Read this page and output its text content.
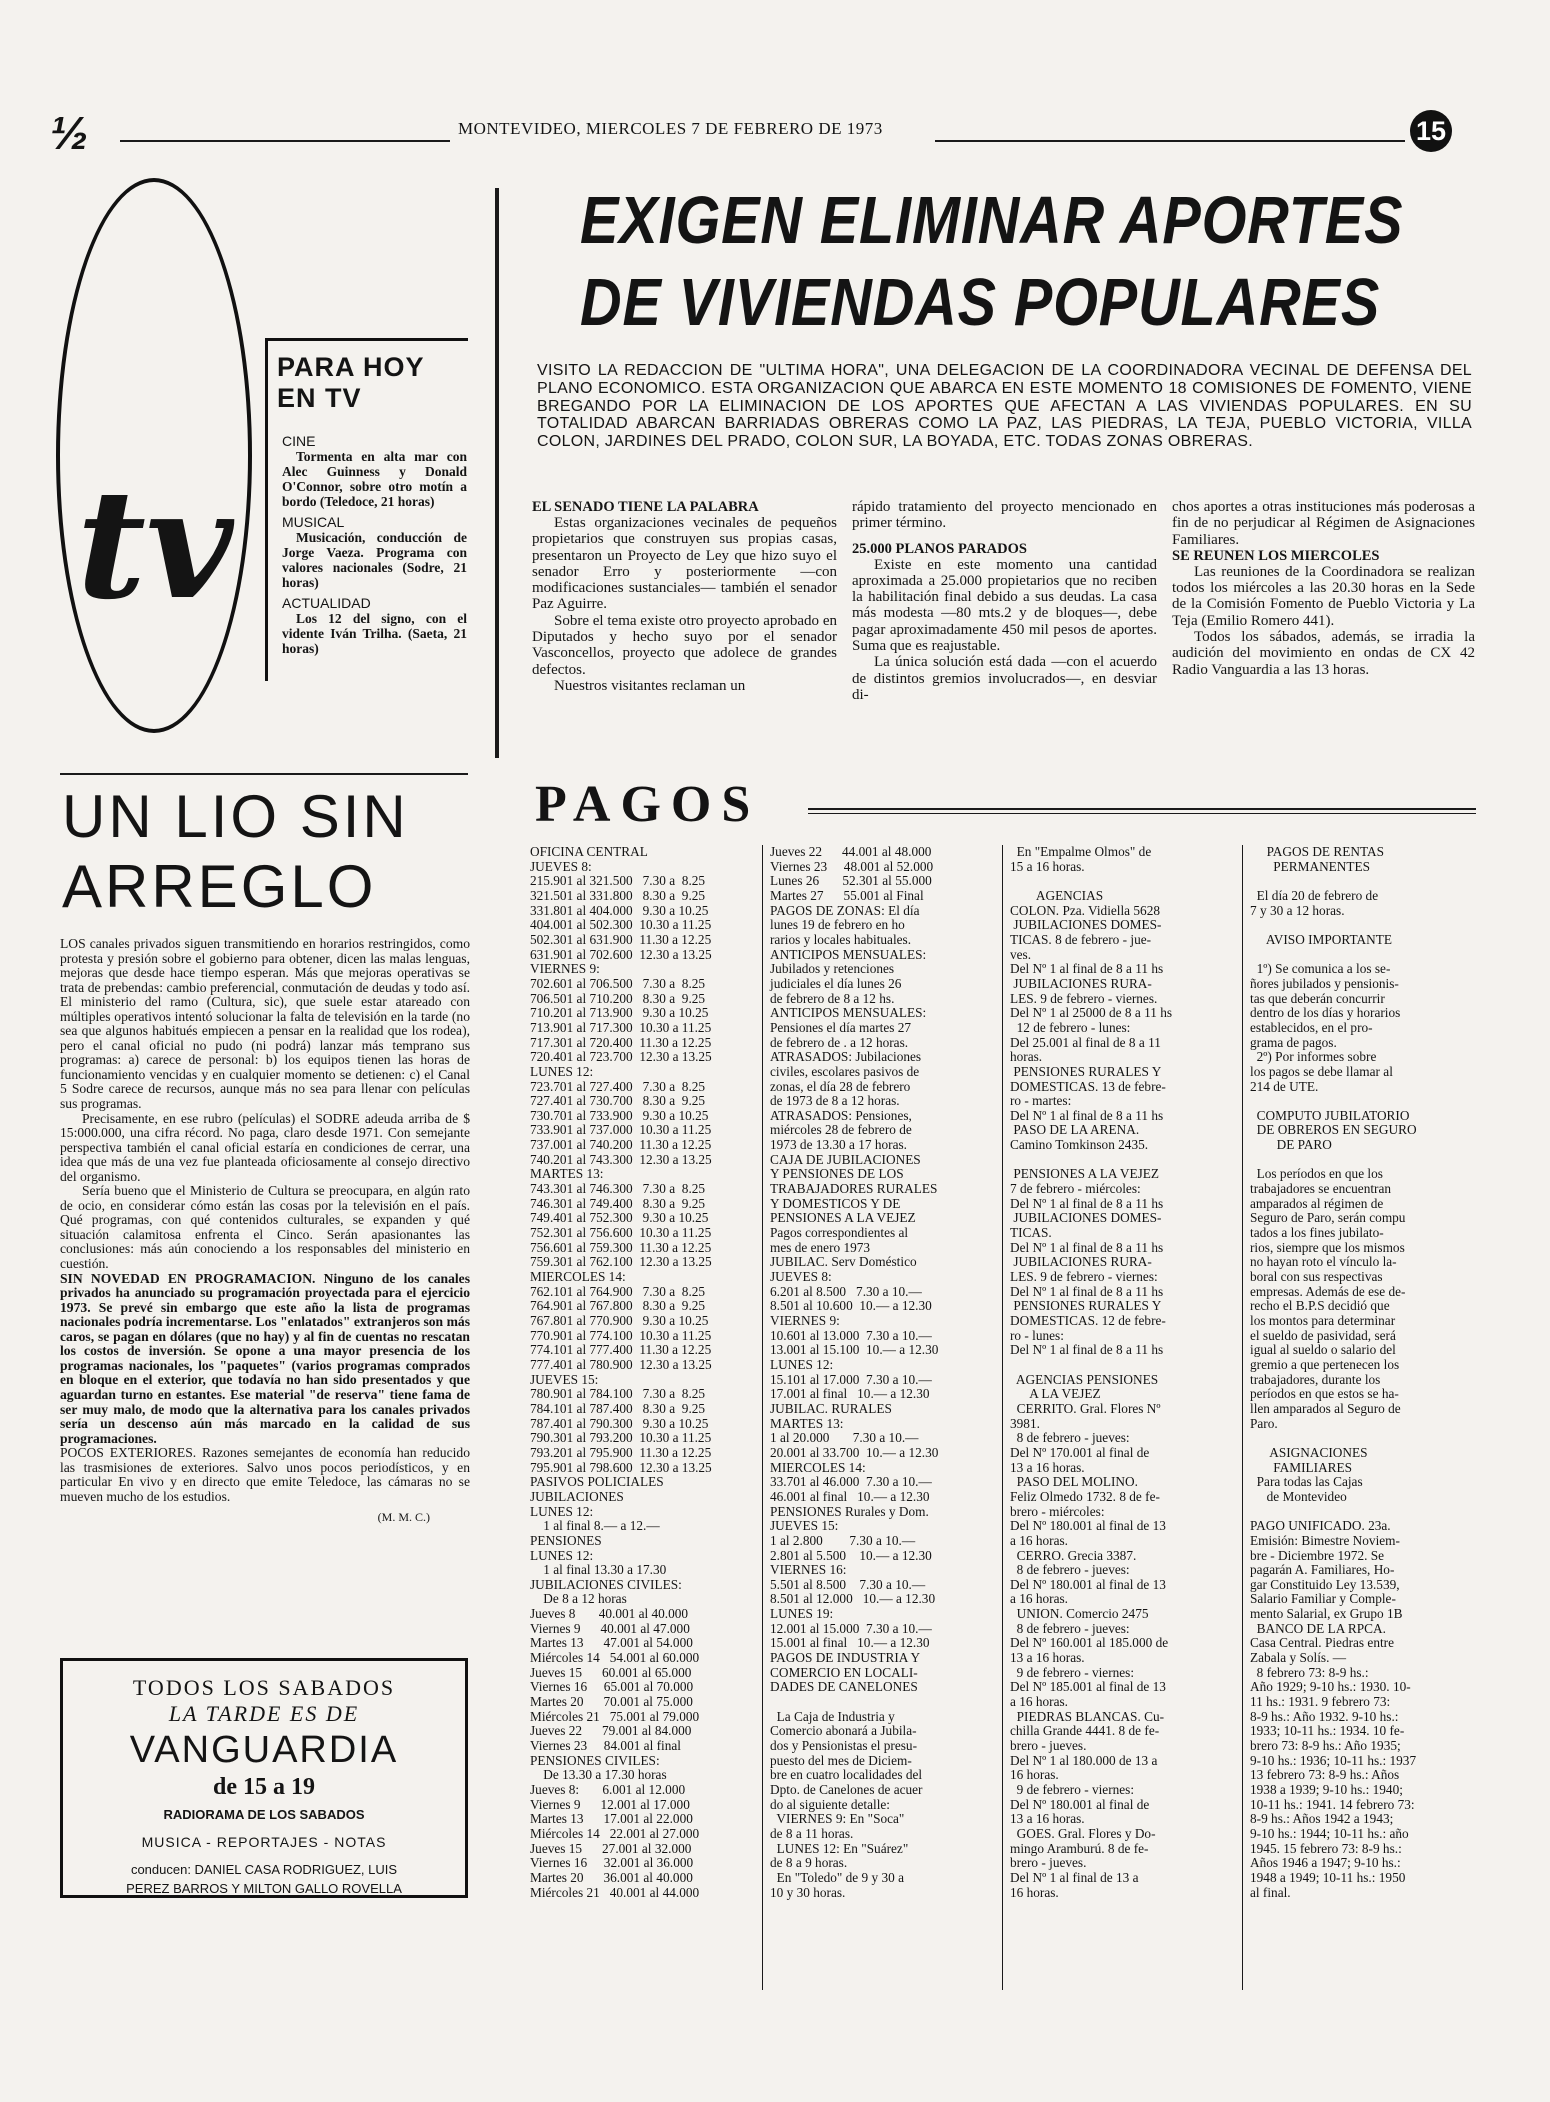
½	MONTEVIDEO, MIERCOLES 7 DE FEBRERO DE 1973	15
tv
PARA HOY EN TV

CINE

Tormenta en alta mar con Alec Guinness y Donald O'Connor, sobre otro motín a bordo (Teledoce, 21 horas)

MUSICAL

Musicación, conducción de Jorge Vaeza. Programa con valores nacionales (Sodre, 21 horas)

ACTUALIDAD

Los 12 del signo, con el vidente Iván Trilha. (Saeta, 21 horas)

UN LIO SIN
ARREGLO

LOS canales privados siguen transmitiendo en horarios restringidos, como protesta y presión sobre el gobierno para obtener, dicen las malas lenguas, mejoras que desde hace tiempo esperan. Más que mejoras operativas se trata de prebendas: cambio preferencial, conmutación de deudas y todo así. El ministerio del ramo (Cultura, sic), que suele estar atareado con múltiples operativos intentó solucionar la falta de televisión en la tarde (no sea que algunos habitués empiecen a pensar en la realidad que los rodea), pero el canal oficial no pudo (ni podrá) lanzar más temprano sus programas: a) carece de personal: b) los equipos tienen las horas de funcionamiento vencidas y en cualquier momento se detienen: c) el Canal 5 Sodre carece de recursos, aunque más no sea para llenar con películas sus programas.

Precisamente, en ese rubro (películas) el SODRE adeuda arriba de $ 15:000.000, una cifra récord. No paga, claro desde 1971. Con semejante perspectiva también el canal oficial estaría en condiciones de cerrar, una idea que más de una vez fue planteada oficiosamente al consejo directivo del organismo.

Sería bueno que el Ministerio de Cultura se preocupara, en algún rato de ocio, en considerar cómo están las cosas por la televisión en el país. Qué programas, con qué contenidos culturales, se expanden y qué situación calamitosa enfrenta el Cinco. Serán apasionantes las conclusiones: más aún conociendo a los responsables del ministerio en cuestión.

SIN NOVEDAD EN PROGRAMACION. Ninguno de los canales privados ha anunciado su programación proyectada para el ejercicio 1973. Se prevé sin embargo que este año la lista de programas nacionales podría incrementarse. Los "enlatados" extranjeros son más caros, se pagan en dólares (que no hay) y al fin de cuentas no rescatan los costos de inversión. Se opone a una mayor presencia de los programas nacionales, los "paquetes" (varios programas comprados en bloque en el exterior, que todavía no han sido presentados y que aguardan turno en estantes. Ese material "de reserva" tiene fama de ser muy malo, de modo que la alternativa para los canales privados sería un descenso aún más marcado en la calidad de sus programaciones.

POCOS EXTERIORES. Razones semejantes de economía han reducido las trasmisiones de exteriores. Salvo unos pocos periodísticos, y en particular En vivo y en directo que emite Teledoce, las cámaras no se mueven mucho de los estudios.

(M. M. C.)

TODOS LOS SABADOS
LA TARDE ES DE
VANGUARDIA
de 15 a 19
RADIORAMA DE LOS SABADOS
MUSICA - REPORTAJES - NOTAS
conducen: DANIEL CASA RODRIGUEZ, LUIS
PEREZ BARROS Y MILTON GALLO ROVELLA
EXIGEN ELIMINAR APORTES
DE VIVIENDAS POPULARES
VISITO LA REDACCION DE "ULTIMA HORA", UNA DELEGACION DE LA COORDINADORA VECINAL DE DEFENSA DEL PLANO ECONOMICO. ESTA ORGANIZACION QUE ABARCA EN ESTE MOMENTO 18 COMISIONES DE FOMENTO, VIENE BREGANDO POR LA ELIMINACION DE LOS APORTES QUE AFECTAN A LAS VIVIENDAS POPULARES. EN SU TOTALIDAD ABARCAN BARRIADAS OBRERAS COMO LA PAZ, LAS PIEDRAS, LA TEJA, PUEBLO VICTORIA, VILLA COLON, JARDINES DEL PRADO, COLON SUR, LA BOYADA, ETC. TODAS ZONAS OBRERAS.

EL SENADO TIENE LA PALABRA

Estas organizaciones vecinales de pequeños propietarios que construyen sus propias casas, presentaron un Proyecto de Ley que hizo suyo el senador Erro y posteriormente —con modificaciones sustanciales— también el senador Paz Aguirre.

Sobre el tema existe otro proyecto aprobado en Diputados y hecho suyo por el senador Vasconcellos, proyecto que adolece de grandes defectos.

Nuestros visitantes reclaman un

rápido tratamiento del proyecto mencionado en primer término.

25.000 PLANOS PARADOS

Existe en este momento una cantidad aproximada a 25.000 propietarios que no reciben la habilitación final debido a sus deudas. La casa más modesta —80 mts.2 y de bloques—, debe pagar aproximadamente 450 mil pesos de aportes. Suma que es reajustable.

La única solución está dada —con el acuerdo de distintos gremios involucrados—, en desviar di-

chos aportes a otras instituciones más poderosas a fin de no perjudicar al Régimen de Asignaciones Familiares.

SE REUNEN LOS MIERCOLES

Las reuniones de la Coordinadora se realizan todos los miércoles a las 20.30 horas en la Sede de la Comisión Fomento de Pueblo Victoria y La Teja (Emilio Romero 441).

Todos los sábados, además, se irradia la audición del movimiento en ondas de CX 42 Radio Vanguardia a las 13 horas.

PAGOS
OFICINA CENTRAL
JUEVES 8:
215.901 al 321.500   7.30 a  8.25
321.501 al 331.800   8.30 a  9.25
331.801 al 404.000   9.30 a 10.25
404.001 al 502.300  10.30 a 11.25
502.301 al 631.900  11.30 a 12.25
631.901 al 702.600  12.30 a 13.25
VIERNES 9:
702.601 al 706.500   7.30 a  8.25
706.501 al 710.200   8.30 a  9.25
710.201 al 713.900   9.30 a 10.25
713.901 al 717.300  10.30 a 11.25
717.301 al 720.400  11.30 a 12.25
720.401 al 723.700  12.30 a 13.25
LUNES 12:
723.701 al 727.400   7.30 a  8.25
727.401 al 730.700   8.30 a  9.25
730.701 al 733.900   9.30 a 10.25
733.901 al 737.000  10.30 a 11.25
737.001 al 740.200  11.30 a 12.25
740.201 al 743.300  12.30 a 13.25
MARTES 13:
743.301 al 746.300   7.30 a  8.25
746.301 al 749.400   8.30 a  9.25
749.401 al 752.300   9.30 a 10.25
752.301 al 756.600  10.30 a 11.25
756.601 al 759.300  11.30 a 12.25
759.301 al 762.100  12.30 a 13.25
MIERCOLES 14:
762.101 al 764.900   7.30 a  8.25
764.901 al 767.800   8.30 a  9.25
767.801 al 770.900   9.30 a 10.25
770.901 al 774.100  10.30 a 11.25
774.101 al 777.400  11.30 a 12.25
777.401 al 780.900  12.30 a 13.25
JUEVES 15:
780.901 al 784.100   7.30 a  8.25
784.101 al 787.400   8.30 a  9.25
787.401 al 790.300   9.30 a 10.25
790.301 al 793.200  10.30 a 11.25
793.201 al 795.900  11.30 a 12.25
795.901 al 798.600  12.30 a 13.25
PASIVOS POLICIALES
JUBILACIONES
LUNES 12:
1 al final 8.— a 12.—
PENSIONES
LUNES 12:
1 al final 13.30 a 17.30
JUBILACIONES CIVILES:
De 8 a 12 horas
Jueves 8       40.001 al 40.000
Viernes 9      40.001 al 47.000
Martes 13      47.001 al 54.000
Miércoles 14   54.001 al 60.000
Jueves 15      60.001 al 65.000
Viernes 16     65.001 al 70.000
Martes 20      70.001 al 75.000
Miércoles 21   75.001 al 79.000
Jueves 22      79.001 al 84.000
Viernes 23     84.001 al final
PENSIONES CIVILES:
De 13.30 a 17.30 horas
Jueves 8:       6.001 al 12.000
Viernes 9      12.001 al 17.000
Martes 13      17.001 al 22.000
Miércoles 14   22.001 al 27.000
Jueves 15      27.001 al 32.000
Viernes 16     32.001 al 36.000
Martes 20      36.001 al 40.000
Miércoles 21   40.001 al 44.000
Jueves 22      44.001 al 48.000
Viernes 23     48.001 al 52.000
Lunes 26       52.301 al 55.000
Martes 27      55.001 al Final
PAGOS DE ZONAS: El día
lunes 19 de febrero en ho
rarios y locales habituales.
ANTICIPOS MENSUALES:
Jubilados y retenciones
judiciales el día lunes 26
de febrero de 8 a 12 hs.
ANTICIPOS MENSUALES:
Pensiones el día martes 27
de febrero de . a 12 horas.
ATRASADOS: Jubilaciones
civiles, escolares pasivos de
zonas, el día 28 de febrero
de 1973 de 8 a 12 horas.
ATRASADOS: Pensiones,
miércoles 28 de febrero de
1973 de 13.30 a 17 horas.
CAJA DE JUBILACIONES
Y PENSIONES DE LOS
TRABAJADORES RURALES
Y DOMESTICOS Y DE
PENSIONES A LA VEJEZ
Pagos correspondientes al
mes de enero 1973
JUBILAC. Serv Doméstico
JUEVES 8:
6.201 al 8.500   7.30 a 10.—
8.501 al 10.600  10.— a 12.30
VIERNES 9:
10.601 al 13.000  7.30 a 10.—
13.001 al 15.100  10.— a 12.30
LUNES 12:
15.101 al 17.000  7.30 a 10.—
17.001 al final   10.— a 12.30
JUBILAC. RURALES
MARTES 13:
1 al 20.000       7.30 a 10.—
20.001 al 33.700  10.— a 12.30
MIERCOLES 14:
33.701 al 46.000  7.30 a 10.—
46.001 al final   10.— a 12.30
PENSIONES Rurales y Dom.
JUEVES 15:
1 al 2.800        7.30 a 10.—
2.801 al 5.500    10.— a 12.30
VIERNES 16:
5.501 al 8.500    7.30 a 10.—
8.501 al 12.000   10.— a 12.30
LUNES 19:
12.001 al 15.000  7.30 a 10.—
15.001 al final   10.— a 12.30
PAGOS DE INDUSTRIA Y
COMERCIO EN LOCALI-
DADES DE CANELONES

La Caja de Industria y
Comercio abonará a Jubila-
dos y Pensionistas el presu-
puesto del mes de Diciem-
bre en cuatro localidades del
Dpto. de Canelones de acuer
do al siguiente detalle:
VIERNES 9: En "Soca"
de 8 a 11 horas.
LUNES 12: En "Suárez"
de 8 a 9 horas.
En "Toledo" de 9 y 30 a
10 y 30 horas.
En "Empalme Olmos" de
15 a 16 horas.

AGENCIAS
COLON. Pza. Vidiella 5628
JUBILACIONES DOMES-
TICAS. 8 de febrero - jue-
ves.
Del Nº 1 al final de 8 a 11 hs
JUBILACIONES RURA-
LES. 9 de febrero - viernes.
Del Nº 1 al 25000 de 8 a 11 hs
12 de febrero - lunes:
Del 25.001 al final de 8 a 11
horas.
PENSIONES RURALES Y
DOMESTICAS. 13 de febre-
ro - martes:
Del Nº 1 al final de 8 a 11 hs
PASO DE LA ARENA.
Camino Tomkinson 2435.

PENSIONES A LA VEJEZ
7 de febrero - miércoles:
Del Nº 1 al final de 8 a 11 hs
JUBILACIONES DOMES-
TICAS.
Del Nº 1 al final de 8 a 11 hs
JUBILACIONES RURA-
LES. 9 de febrero - viernes:
Del Nº 1 al final de 8 a 11 hs
PENSIONES RURALES Y
DOMESTICAS. 12 de febre-
ro - lunes:
Del Nº 1 al final de 8 a 11 hs

AGENCIAS PENSIONES
A LA VEJEZ
CERRITO. Gral. Flores Nº
3981.
8 de febrero - jueves:
Del Nº 170.001 al final de
13 a 16 horas.
PASO DEL MOLINO.
Feliz Olmedo 1732. 8 de fe-
brero - miércoles:
Del Nº 180.001 al final de 13
a 16 horas.
CERRO. Grecia 3387.
8 de febrero - jueves:
Del Nº 180.001 al final de 13
a 16 horas.
UNION. Comercio 2475
8 de febrero - jueves:
Del Nº 160.001 al 185.000 de
13 a 16 horas.
9 de febrero - viernes:
Del Nº 185.001 al final de 13
a 16 horas.
PIEDRAS BLANCAS. Cu-
chilla Grande 4441. 8 de fe-
brero - jueves.
Del Nº 1 al 180.000 de 13 a
16 horas.
9 de febrero - viernes:
Del Nº 180.001 al final de
13 a 16 horas.
GOES. Gral. Flores y Do-
mingo Aramburú. 8 de fe-
brero - jueves.
Del Nº 1 al final de 13 a
16 horas.
PAGOS DE RENTAS
PERMANENTES

El día 20 de febrero de
7 y 30 a 12 horas.

AVISO IMPORTANTE

1º) Se comunica a los se-
ñores jubilados y pensionis-
tas que deberán concurrir
dentro de los días y horarios
establecidos, en el pro-
grama de pagos.
2º) Por informes sobre
los pagos se debe llamar al
214 de UTE.

COMPUTO JUBILATORIO
DE OBREROS EN SEGURO
DE PARO

Los períodos en que los
trabajadores se encuentran
amparados al régimen de
Seguro de Paro, serán compu
tados a los fines jubilato-
rios, siempre que los mismos
no hayan roto el vínculo la-
boral con sus respectivas
empresas. Además de ese de-
recho el B.P.S decidió que
los montos para determinar
el sueldo de pasividad, será
igual al sueldo o salario del
gremio a que pertenecen los
trabajadores, durante los
períodos en que estos se ha-
llen amparados al Seguro de
Paro.

ASIGNACIONES
FAMILIARES
Para todas las Cajas
de Montevideo

PAGO UNIFICADO. 23a.
Emisión: Bimestre Noviem-
bre - Diciembre 1972. Se
pagarán A. Familiares, Ho-
gar Constituido Ley 13.539,
Salario Familiar y Comple-
mento Salarial, ex Grupo 1B
BANCO DE LA RPCA.
Casa Central. Piedras entre
Zabala y Solís. —
8 febrero 73: 8-9 hs.:
Año 1929; 9-10 hs.: 1930. 10-
11 hs.: 1931. 9 febrero 73:
8-9 hs.: Año 1932. 9-10 hs.:
1933; 10-11 hs.: 1934. 10 fe-
brero 73: 8-9 hs.: Año 1935;
9-10 hs.: 1936; 10-11 hs.: 1937
13 febrero 73: 8-9 hs.: Años
1938 a 1939; 9-10 hs.: 1940;
10-11 hs.: 1941. 14 febrero 73:
8-9 hs.: Años 1942 a 1943;
9-10 hs.: 1944; 10-11 hs.: año
1945. 15 febrero 73: 8-9 hs.:
Años 1946 a 1947; 9-10 hs.:
1948 a 1949; 10-11 hs.: 1950
al final.
